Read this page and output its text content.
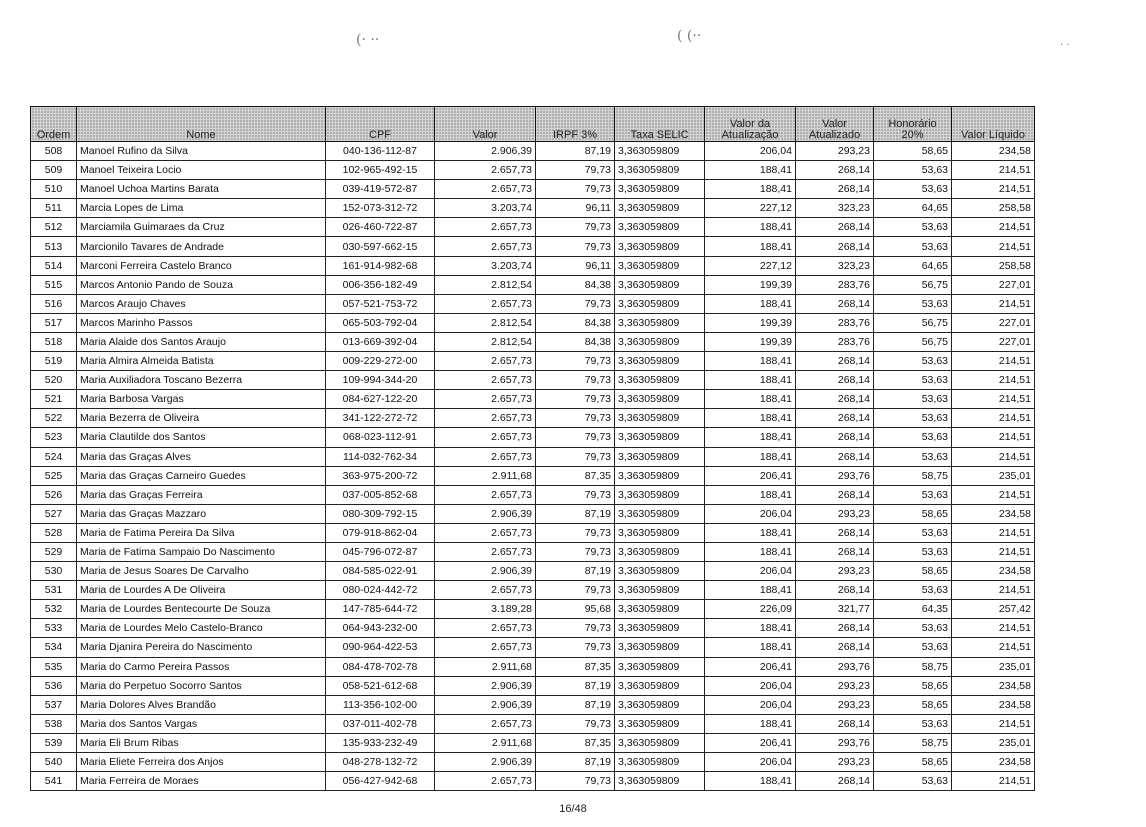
(· ··	( (··
· ·
Ordem	Nome	CPF	Valor	IRPF 3%	Taxa SELIC	Valor da Atualização	Valor Atualizado	Honorário 20%	Valor Líquido
508	Manoel Rufino da Silva	040-136-112-87	2.906,39	87,19	3,363059809	206,04	293,23	58,65	234,58
509	Manoel Teixeira Locio	102-965-492-15	2.657,73	79,73	3,363059809	188,41	268,14	53,63	214,51
510	Manoel Uchoa Martins Barata	039-419-572-87	2.657,73	79,73	3,363059809	188,41	268,14	53,63	214,51
511	Marcia Lopes de Lima	152-073-312-72	3.203,74	96,11	3,363059809	227,12	323,23	64,65	258,58
512	Marciamila Guimaraes da Cruz	026-460-722-87	2.657,73	79,73	3,363059809	188,41	268,14	53,63	214,51
513	Marcionilo Tavares de Andrade	030-597-662-15	2.657,73	79,73	3,363059809	188,41	268,14	53,63	214,51
514	Marconi Ferreira Castelo Branco	161-914-982-68	3.203,74	96,11	3,363059809	227,12	323,23	64,65	258,58
515	Marcos Antonio Pando de Souza	006-356-182-49	2.812,54	84,38	3,363059809	199,39	283,76	56,75	227,01
516	Marcos Araujo Chaves	057-521-753-72	2.657,73	79,73	3,363059809	188,41	268,14	53,63	214,51
517	Marcos Marinho Passos	065-503-792-04	2.812,54	84,38	3,363059809	199,39	283,76	56,75	227,01
518	Maria Alaide dos Santos Araujo	013-669-392-04	2.812,54	84,38	3,363059809	199,39	283,76	56,75	227,01
519	Maria Almira Almeida Batista	009-229-272-00	2.657,73	79,73	3,363059809	188,41	268,14	53,63	214,51
520	Maria Auxiliadora Toscano Bezerra	109-994-344-20	2.657,73	79,73	3,363059809	188,41	268,14	53,63	214,51
521	Maria Barbosa Vargas	084-627-122-20	2.657,73	79,73	3,363059809	188,41	268,14	53,63	214,51
522	Maria Bezerra de Oliveira	341-122-272-72	2.657,73	79,73	3,363059809	188,41	268,14	53,63	214,51
523	Maria Clautilde dos Santos	068-023-112-91	2.657,73	79,73	3,363059809	188,41	268,14	53,63	214,51
524	Maria das Graças Alves	114-032-762-34	2.657,73	79,73	3,363059809	188,41	268,14	53,63	214,51
525	Maria das Graças Carneiro Guedes	363-975-200-72	2.911,68	87,35	3,363059809	206,41	293,76	58,75	235,01
526	Maria das Graças Ferreira	037-005-852-68	2.657,73	79,73	3,363059809	188,41	268,14	53,63	214,51
527	Maria das Graças Mazzaro	080-309-792-15	2.906,39	87,19	3,363059809	206,04	293,23	58,65	234,58
528	Maria de Fatima Pereira Da Silva	079-918-862-04	2.657,73	79,73	3,363059809	188,41	268,14	53,63	214,51
529	Maria de Fatima Sampaio Do Nascimento	045-796-072-87	2.657,73	79,73	3,363059809	188,41	268,14	53,63	214,51
530	Maria de Jesus Soares De Carvalho	084-585-022-91	2.906,39	87,19	3,363059809	206,04	293,23	58,65	234,58
531	Maria de Lourdes A De Oliveira	080-024-442-72	2.657,73	79,73	3,363059809	188,41	268,14	53,63	214,51
532	Maria de Lourdes Bentecourte De Souza	147-785-644-72	3.189,28	95,68	3,363059809	226,09	321,77	64,35	257,42
533	Maria de Lourdes Melo Castelo-Branco	064-943-232-00	2.657,73	79,73	3,363059809	188,41	268,14	53,63	214,51
534	Maria Djanira Pereira do Nascimento	090-964-422-53	2.657,73	79,73	3,363059809	188,41	268,14	53,63	214,51
535	Maria do Carmo Pereira Passos	084-478-702-78	2.911,68	87,35	3,363059809	206,41	293,76	58,75	235,01
536	Maria do Perpetuo Socorro Santos	058-521-612-68	2.906,39	87,19	3,363059809	206,04	293,23	58,65	234,58
537	Maria Dolores Alves Brandão	113-356-102-00	2.906,39	87,19	3,363059809	206,04	293,23	58,65	234,58
538	Maria dos Santos Vargas	037-011-402-78	2.657,73	79,73	3,363059809	188,41	268,14	53,63	214,51
539	Maria Eli Brum Ribas	135-933-232-49	2.911,68	87,35	3,363059809	206,41	293,76	58,75	235,01
540	Maria Eliete Ferreira dos Anjos	048-278-132-72	2.906,39	87,19	3,363059809	206,04	293,23	58,65	234,58
541	Maria Ferreira de Moraes	056-427-942-68	2.657,73	79,73	3,363059809	188,41	268,14	53,63	214,51
16/48
